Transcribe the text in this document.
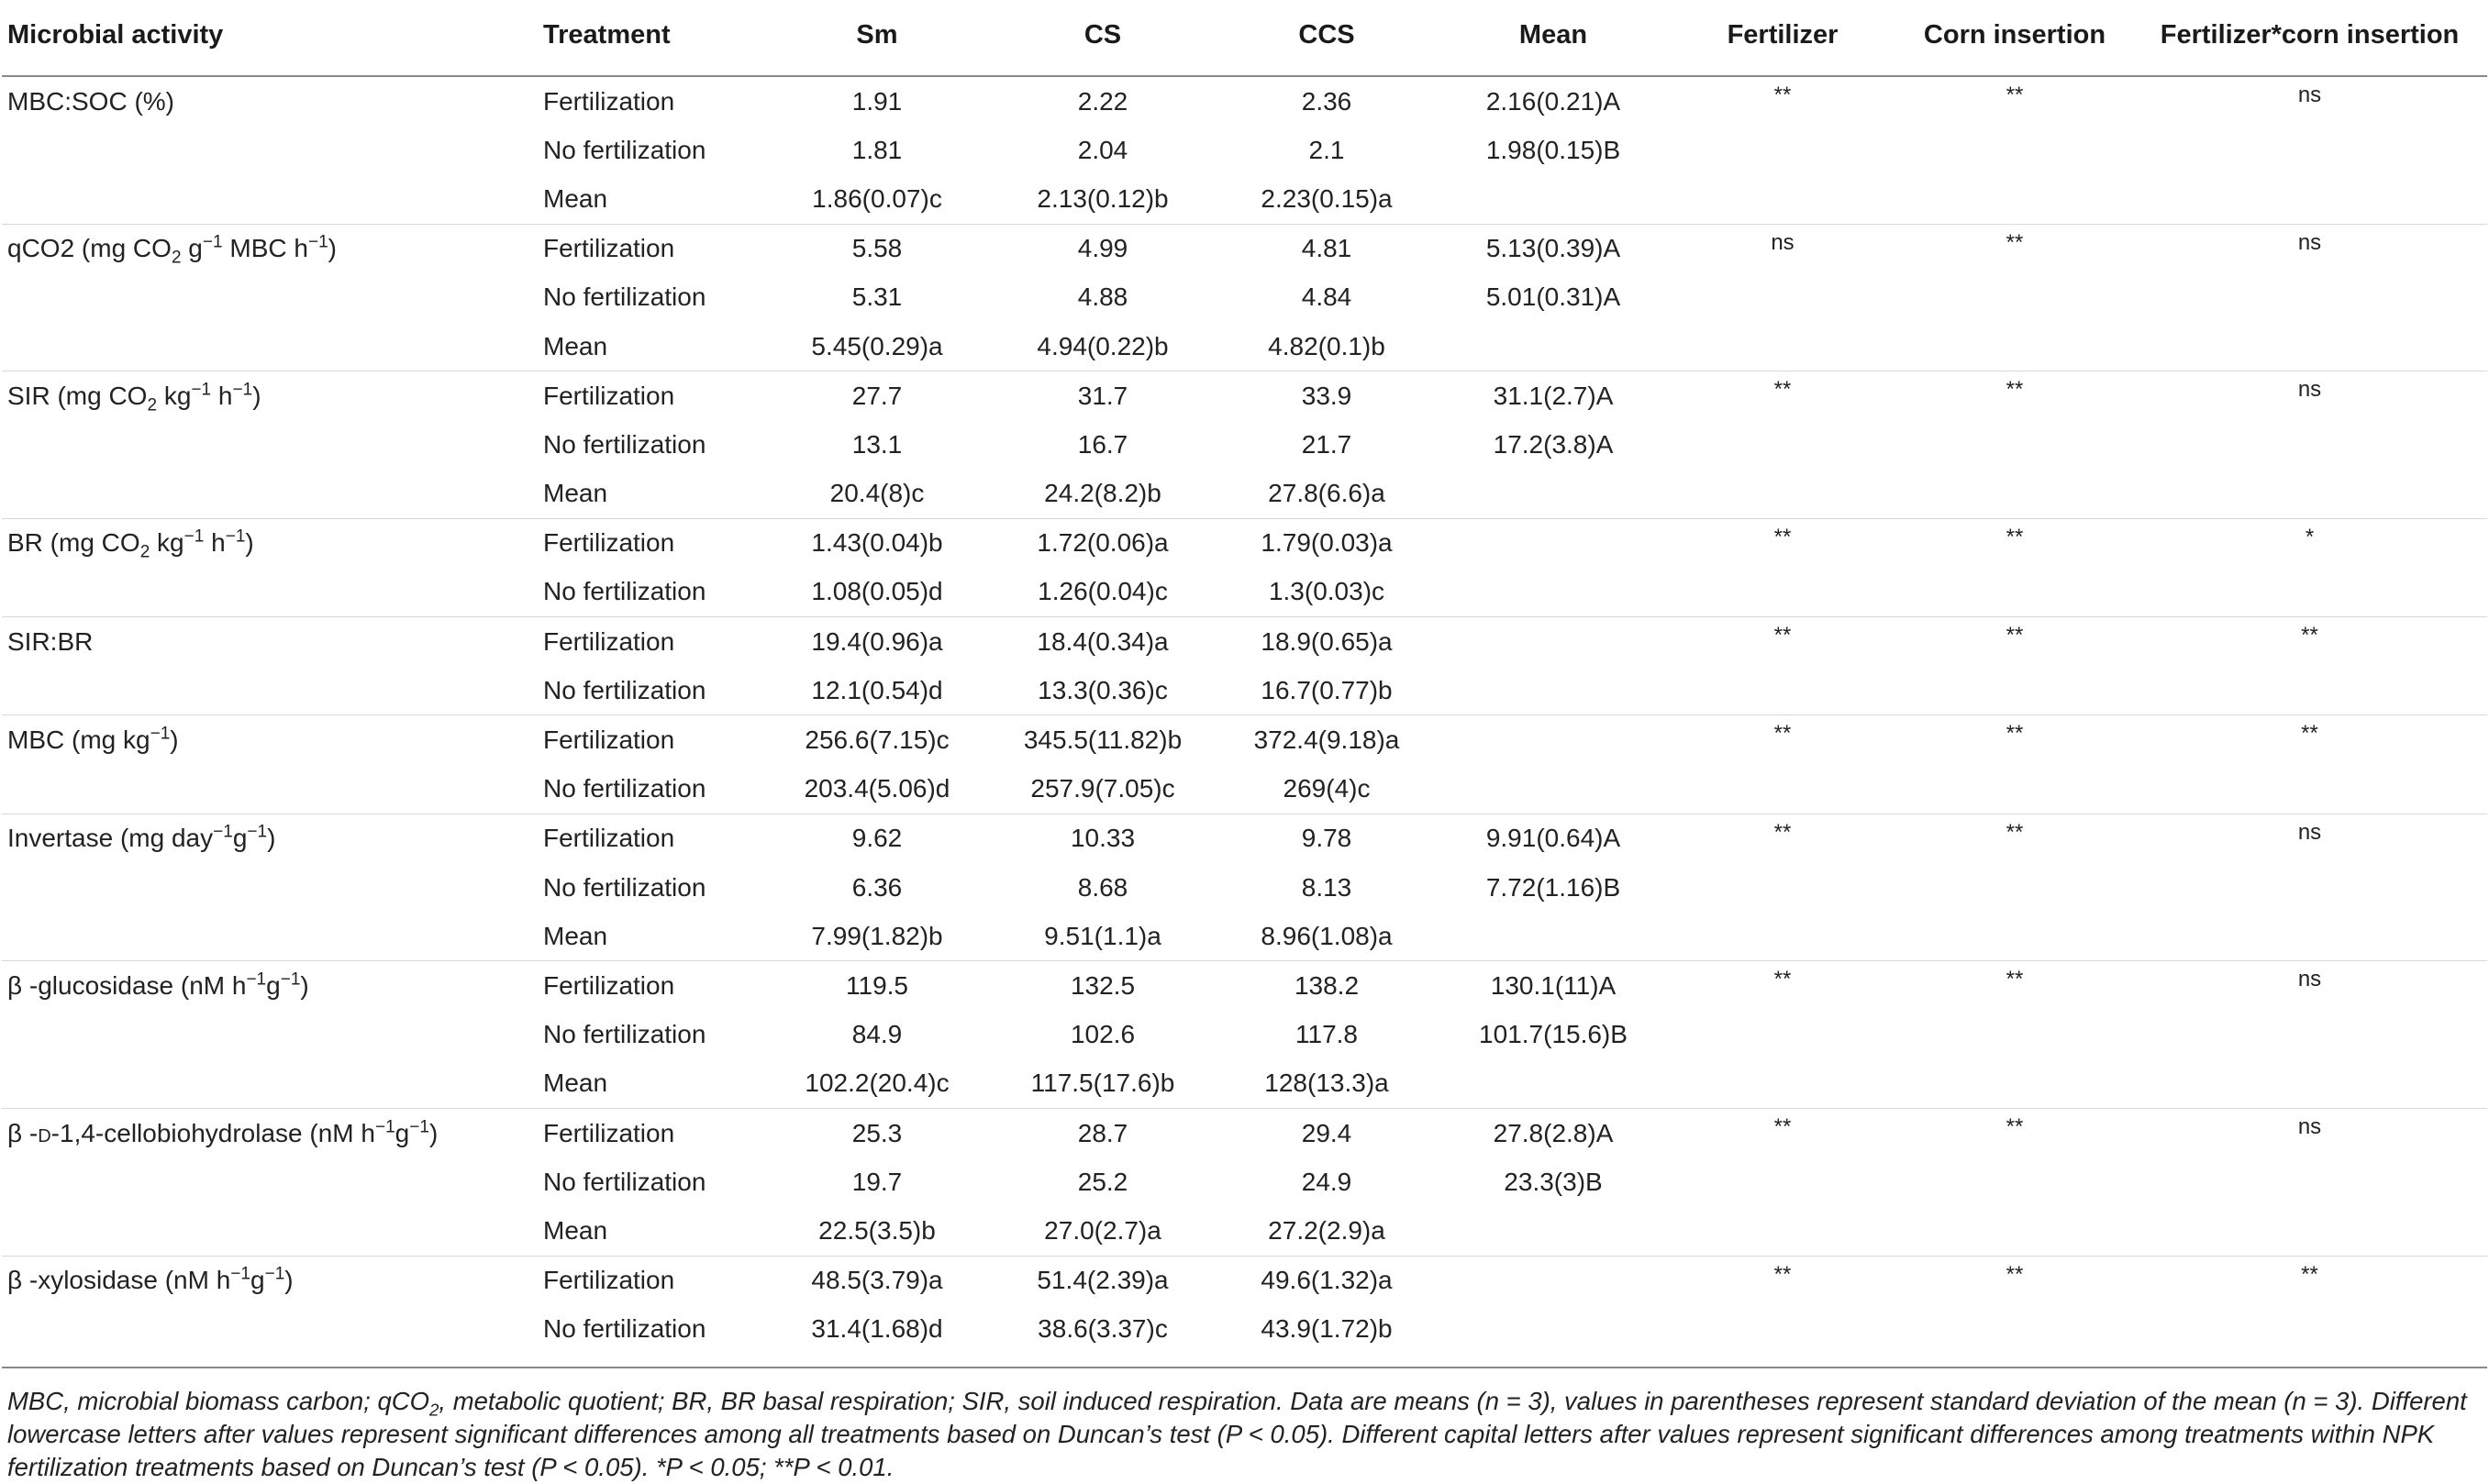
Microbial activity	Treatment	Sm	CS	CCS	Mean	Fertilizer	Corn insertion	Fertilizer*corn insertion
MBC:SOC (%)	Fertilization	1.91	2.22	2.36	2.16(0.21)A	**	**	ns
	No fertilization	1.81	2.04	2.1	1.98(0.15)B			
	Mean	1.86(0.07)c	2.13(0.12)b	2.23(0.15)a				
qCO2 (mg $CO_2$ $g^{-1}$ MBC $h^{-1}$)	Fertilization	5.58	4.99	4.81	5.13(0.39)A	ns	**	ns
	No fertilization	5.31	4.88	4.84	5.01(0.31)A			
	Mean	5.45(0.29)a	4.94(0.22)b	4.82(0.1)b				
SIR (mg $CO_2$ $kg^{-1}$ $h^{-1}$)	Fertilization	27.7	31.7	33.9	31.1(2.7)A	**	**	ns
	No fertilization	13.1	16.7	21.7	17.2(3.8)A			
	Mean	20.4(8)c	24.2(8.2)b	27.8(6.6)a				
BR (mg $CO_2$ $kg^{-1}$ $h^{-1}$)	Fertilization	1.43(0.04)b	1.72(0.06)a	1.79(0.03)a		**	**	*
	No fertilization	1.08(0.05)d	1.26(0.04)c	1.3(0.03)c				
SIR:BR	Fertilization	19.4(0.96)a	18.4(0.34)a	18.9(0.65)a		**	**	**
	No fertilization	12.1(0.54)d	13.3(0.36)c	16.7(0.77)b				
MBC (mg $kg^{-1}$)	Fertilization	256.6(7.15)c	345.5(11.82)b	372.4(9.18)a		**	**	**
	No fertilization	203.4(5.06)d	257.9(7.05)c	269(4)c				
Invertase (mg $day^{-1}g^{-1}$)	Fertilization	9.62	10.33	9.78	9.91(0.64)A	**	**	ns
	No fertilization	6.36	8.68	8.13	7.72(1.16)B			
	Mean	7.99(1.82)b	9.51(1.1)a	8.96(1.08)a				
β -glucosidase (nM $h^{-1}g^{-1}$)	Fertilization	119.5	132.5	138.2	130.1(11)A	**	**	ns
	No fertilization	84.9	102.6	117.8	101.7(15.6)B			
	Mean	102.2(20.4)c	117.5(17.6)b	128(13.3)a				
β -d-1,4-cellobiohydrolase (nM $h^{-1}g^{-1}$)	Fertilization	25.3	28.7	29.4	27.8(2.8)A	**	**	ns
	No fertilization	19.7	25.2	24.9	23.3(3)B			
	Mean	22.5(3.5)b	27.0(2.7)a	27.2(2.9)a				
β -xylosidase (nM $h^{-1}g^{-1}$)	Fertilization	48.5(3.79)a	51.4(2.39)a	49.6(1.32)a		**	**	**
	No fertilization	31.4(1.68)d	38.6(3.37)c	43.9(1.72)b				
MBC, microbial biomass carbon; qCO$_2$, metabolic quotient; BR, BR basal respiration; SIR, soil induced respiration. Data are means (n = 3), values in parentheses represent standard deviation of the mean (n = 3). Different lowercase letters after values represent significant differences among all treatments based on Duncan’s test (P < 0.05). Different capital letters after values represent significant differences among treatments within NPK fertilization treatments based on Duncan’s test (P < 0.05). *P < 0.05; **P < 0.01.
